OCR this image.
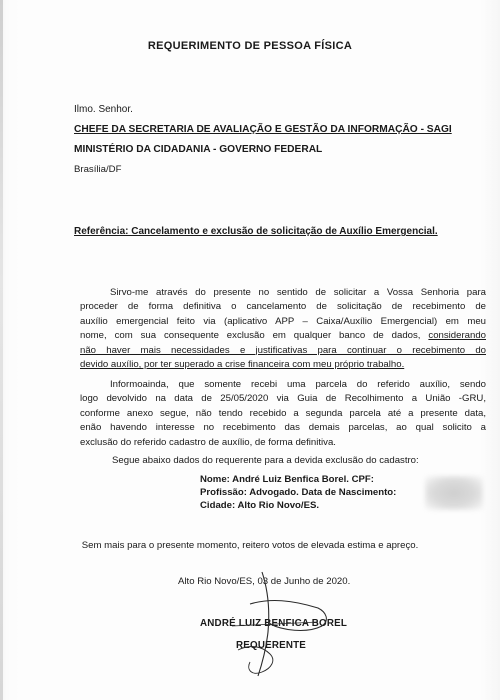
REQUERIMENTO DE PESSOA FÍSICA
Ilmo. Senhor.
CHEFE DA SECRETARIA DE AVALIAÇÃO E GESTÃO DA INFORMAÇÃO - SAGI
MINISTÉRIO DA CIDADANIA - GOVERNO FEDERAL
Brasília/DF
Referência: Cancelamento e exclusão de solicitação de Auxílio Emergencial.
Sirvo-me através do presente no sentido de solicitar a Vossa Senhoria para
proceder de forma definitiva o cancelamento de solicitação de recebimento de
auxílio emergencial feito via (aplicativo APP – Caixa/Auxílio Emergencial) em meu
nome, com sua consequente exclusão em qualquer banco de dados, considerando
não haver mais necessidades e justificativas para continuar o recebimento do
devido auxílio, por ter superado a crise financeira com meu próprio trabalho.
Informoainda, que somente recebi uma parcela do referido auxílio, sendo
logo devolvido na data de 25/05/2020 via Guia de Recolhimento a União -GRU,
conforme anexo segue, não tendo recebido a segunda parcela até a presente data,
enão havendo interesse no recebimento das demais parcelas, ao qual solicito a
exclusão do referido cadastro de auxílio, de forma definitiva.
Segue abaixo dados do requerente para a devida exclusão do cadastro:
Nome: André Luiz Benfica Borel. CPF:
Profissão: Advogado. Data de Nascimento:
Cidade: Alto Rio Novo/ES.
Sem mais para o presente momento, reitero votos de elevada estima e apreço.
Alto Rio Novo/ES, 03 de Junho de 2020.
ANDRÉ LUIZ BENFICA BOREL
REQUERENTE
